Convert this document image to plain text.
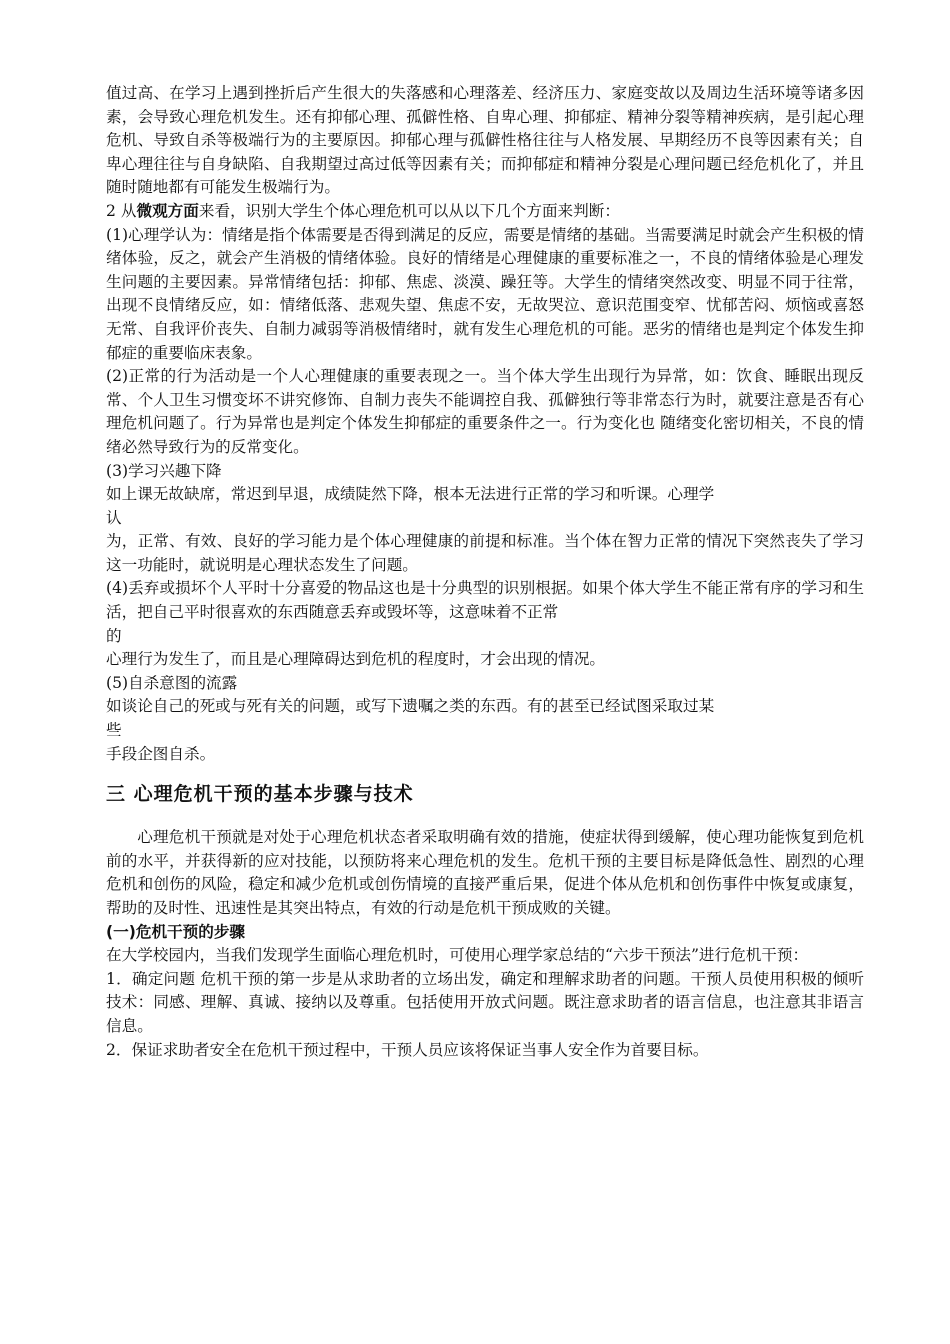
值过高、在学习上遇到挫折后产生很大的失落感和心理落差、经济压力、家庭变故以及周边生活环境等诸多因素，会导致心理危机发生。还有抑郁心理、孤僻性格、自卑心理、抑郁症、精神分裂等精神疾病，是引起心理危机、导致自杀等极端行为的主要原因。抑郁心理与孤僻性格往往与人格发展、早期经历不良等因素有关；自卑心理往往与自身缺陷、自我期望过高过低等因素有关；而抑郁症和精神分裂是心理问题已经危机化了，并且随时随地都有可能发生极端行为。

2 从微观方面来看，识别大学生个体心理危机可以从以下几个方面来判断：

(1)心理学认为：情绪是指个体需要是否得到满足的反应，需要是情绪的基础。当需要满足时就会产生积极的情绪体验，反之，就会产生消极的情绪体验。良好的情绪是心理健康的重要标准之一，不良的情绪体验是心理发生问题的主要因素。异常情绪包括：抑郁、焦虑、淡漠、躁狂等。大学生的情绪突然改变、明显不同于往常，出现不良情绪反应，如：情绪低落、悲观失望、焦虑不安，无故哭泣、意识范围变窄、忧郁苦闷、烦恼或喜怒无常、自我评价丧失、自制力减弱等消极情绪时，就有发生心理危机的可能。恶劣的情绪也是判定个体发生抑郁症的重要临床表象。

(2)正常的行为活动是一个人心理健康的重要表现之一。当个体大学生出现行为异常，如：饮食、睡眠出现反常、个人卫生习惯变坏不讲究修饰、自制力丧失不能调控自我、孤僻独行等非常态行为时，就要注意是否有心理危机问题了。行为异常也是判定个体发生抑郁症的重要条件之一。行为变化也 随绪变化密切相关，不良的情绪必然导致行为的反常变化。

(3)学习兴趣下降

如上课无故缺席，常迟到早退，成绩陡然下降，根本无法进行正常的学习和听课。心理学
认
为，正常、有效、良好的学习能力是个体心理健康的前提和标准。当个体在智力正常的情况下突然丧失了学习这一功能时，就说明是心理状态发生了问题。

(4)丢弃或损坏个人平时十分喜爱的物品这也是十分典型的识别根据。如果个体大学生不能正常有序的学习和生活，把自己平时很喜欢的东西随意丢弃或毁坏等，这意味着不正常
的
心理行为发生了，而且是心理障碍达到危机的程度时，才会出现的情况。

(5)自杀意图的流露

如谈论自己的死或与死有关的问题，或写下遗嘱之类的东西。有的甚至已经试图采取过某
些
手段企图自杀。

三 心理危机干预的基本步骤与技术

心理危机干预就是对处于心理危机状态者采取明确有效的措施，使症状得到缓解，使心理功能恢复到危机前的水平，并获得新的应对技能，以预防将来心理危机的发生。危机干预的主要目标是降低急性、剧烈的心理危机和创伤的风险，稳定和减少危机或创伤情境的直接严重后果，促进个体从危机和创伤事件中恢复或康复，帮助的及时性、迅速性是其突出特点，有效的行动是危机干预成败的关键。

(一)危机干预的步骤

在大学校园内，当我们发现学生面临心理危机时，可使用心理学家总结的“六步干预法”进行危机干预：

1．确定问题 危机干预的第一步是从求助者的立场出发，确定和理解求助者的问题。干预人员使用积极的倾听技术：同感、理解、真诚、接纳以及尊重。包括使用开放式问题。既注意求助者的语言信息，也注意其非语言信息。

2．保证求助者安全在危机干预过程中，干预人员应该将保证当事人安全作为首要目标。
